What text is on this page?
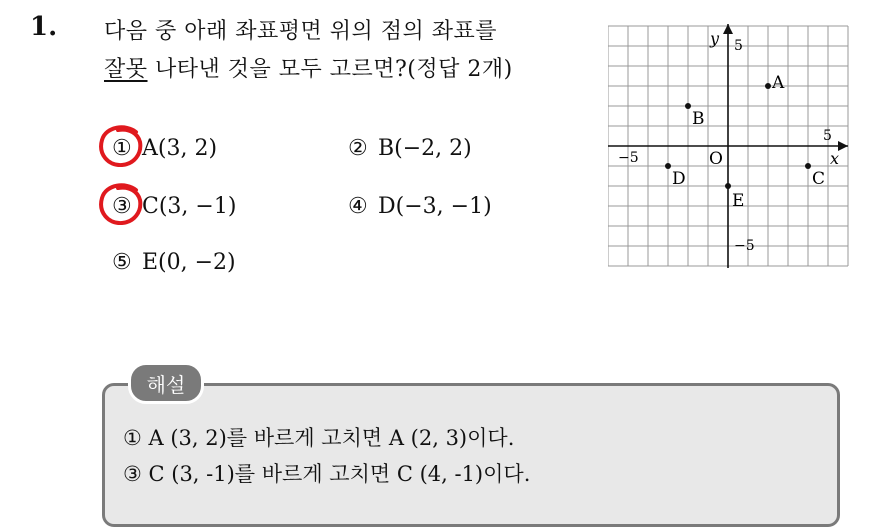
1. 다음 중 아래 좌표평면 위의 점의 좌표를
잘못 나타낸 것을 모두 고르면?(정답 2개)
① A(3, 2)	② B(−2, 2)
③ C(3, −1)	④ D(−3, −1)
⑤ E(0, −2)
y
x
O
−5
5
5
−5
A
B
C
D
E
① A (3, 2)를 바르게 고치면 A (2, 3)이다.
③ C (3, -1)를 바르게 고치면 C (4, -1)이다.
해설
